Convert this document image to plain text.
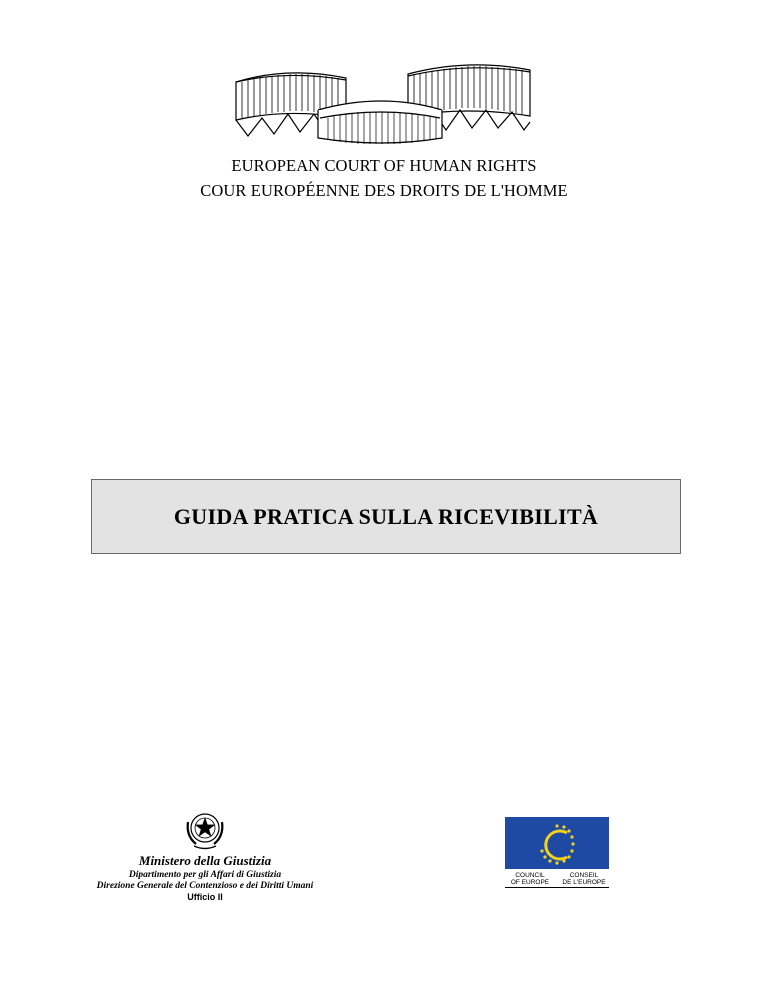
EUROPEAN COURT OF HUMAN RIGHTS
COUR EUROPÉENNE DES DROITS DE L'HOMME
GUIDA PRATICA SULLA RICEVIBILITÀ
Ministero della Giustizia
Dipartimento per gli Affari di Giustizia
Direzione Generale del Contenzioso e dei Diritti Umani
Ufficio II
COUNCIL
OF EUROPE
CONSEIL
DE L'EUROPE
